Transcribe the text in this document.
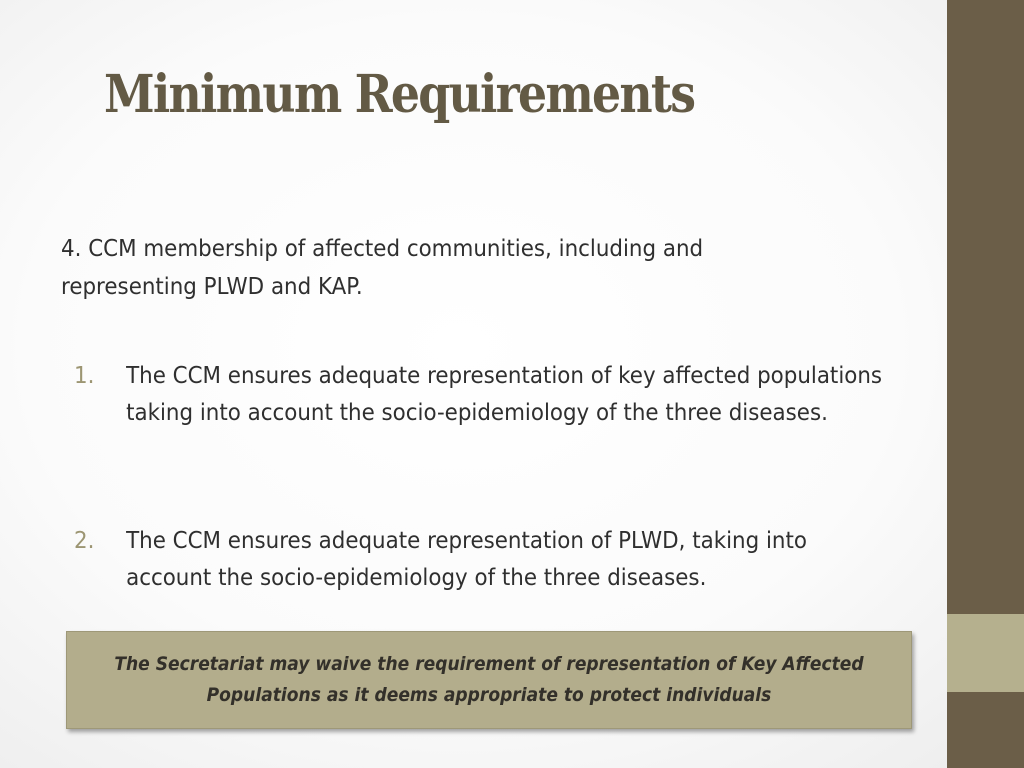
Minimum Requirements

4. CCM membership of affected communities, including and representing PLWD and KAP.

1. The CCM ensures adequate representation of key affected populations taking into account the socio-epidemiology of the three diseases.

2. The CCM ensures adequate representation of PLWD, taking into account the socio-epidemiology of the three diseases.

The Secretariat may waive the requirement of representation of Key Affected Populations as it deems appropriate to protect individuals
